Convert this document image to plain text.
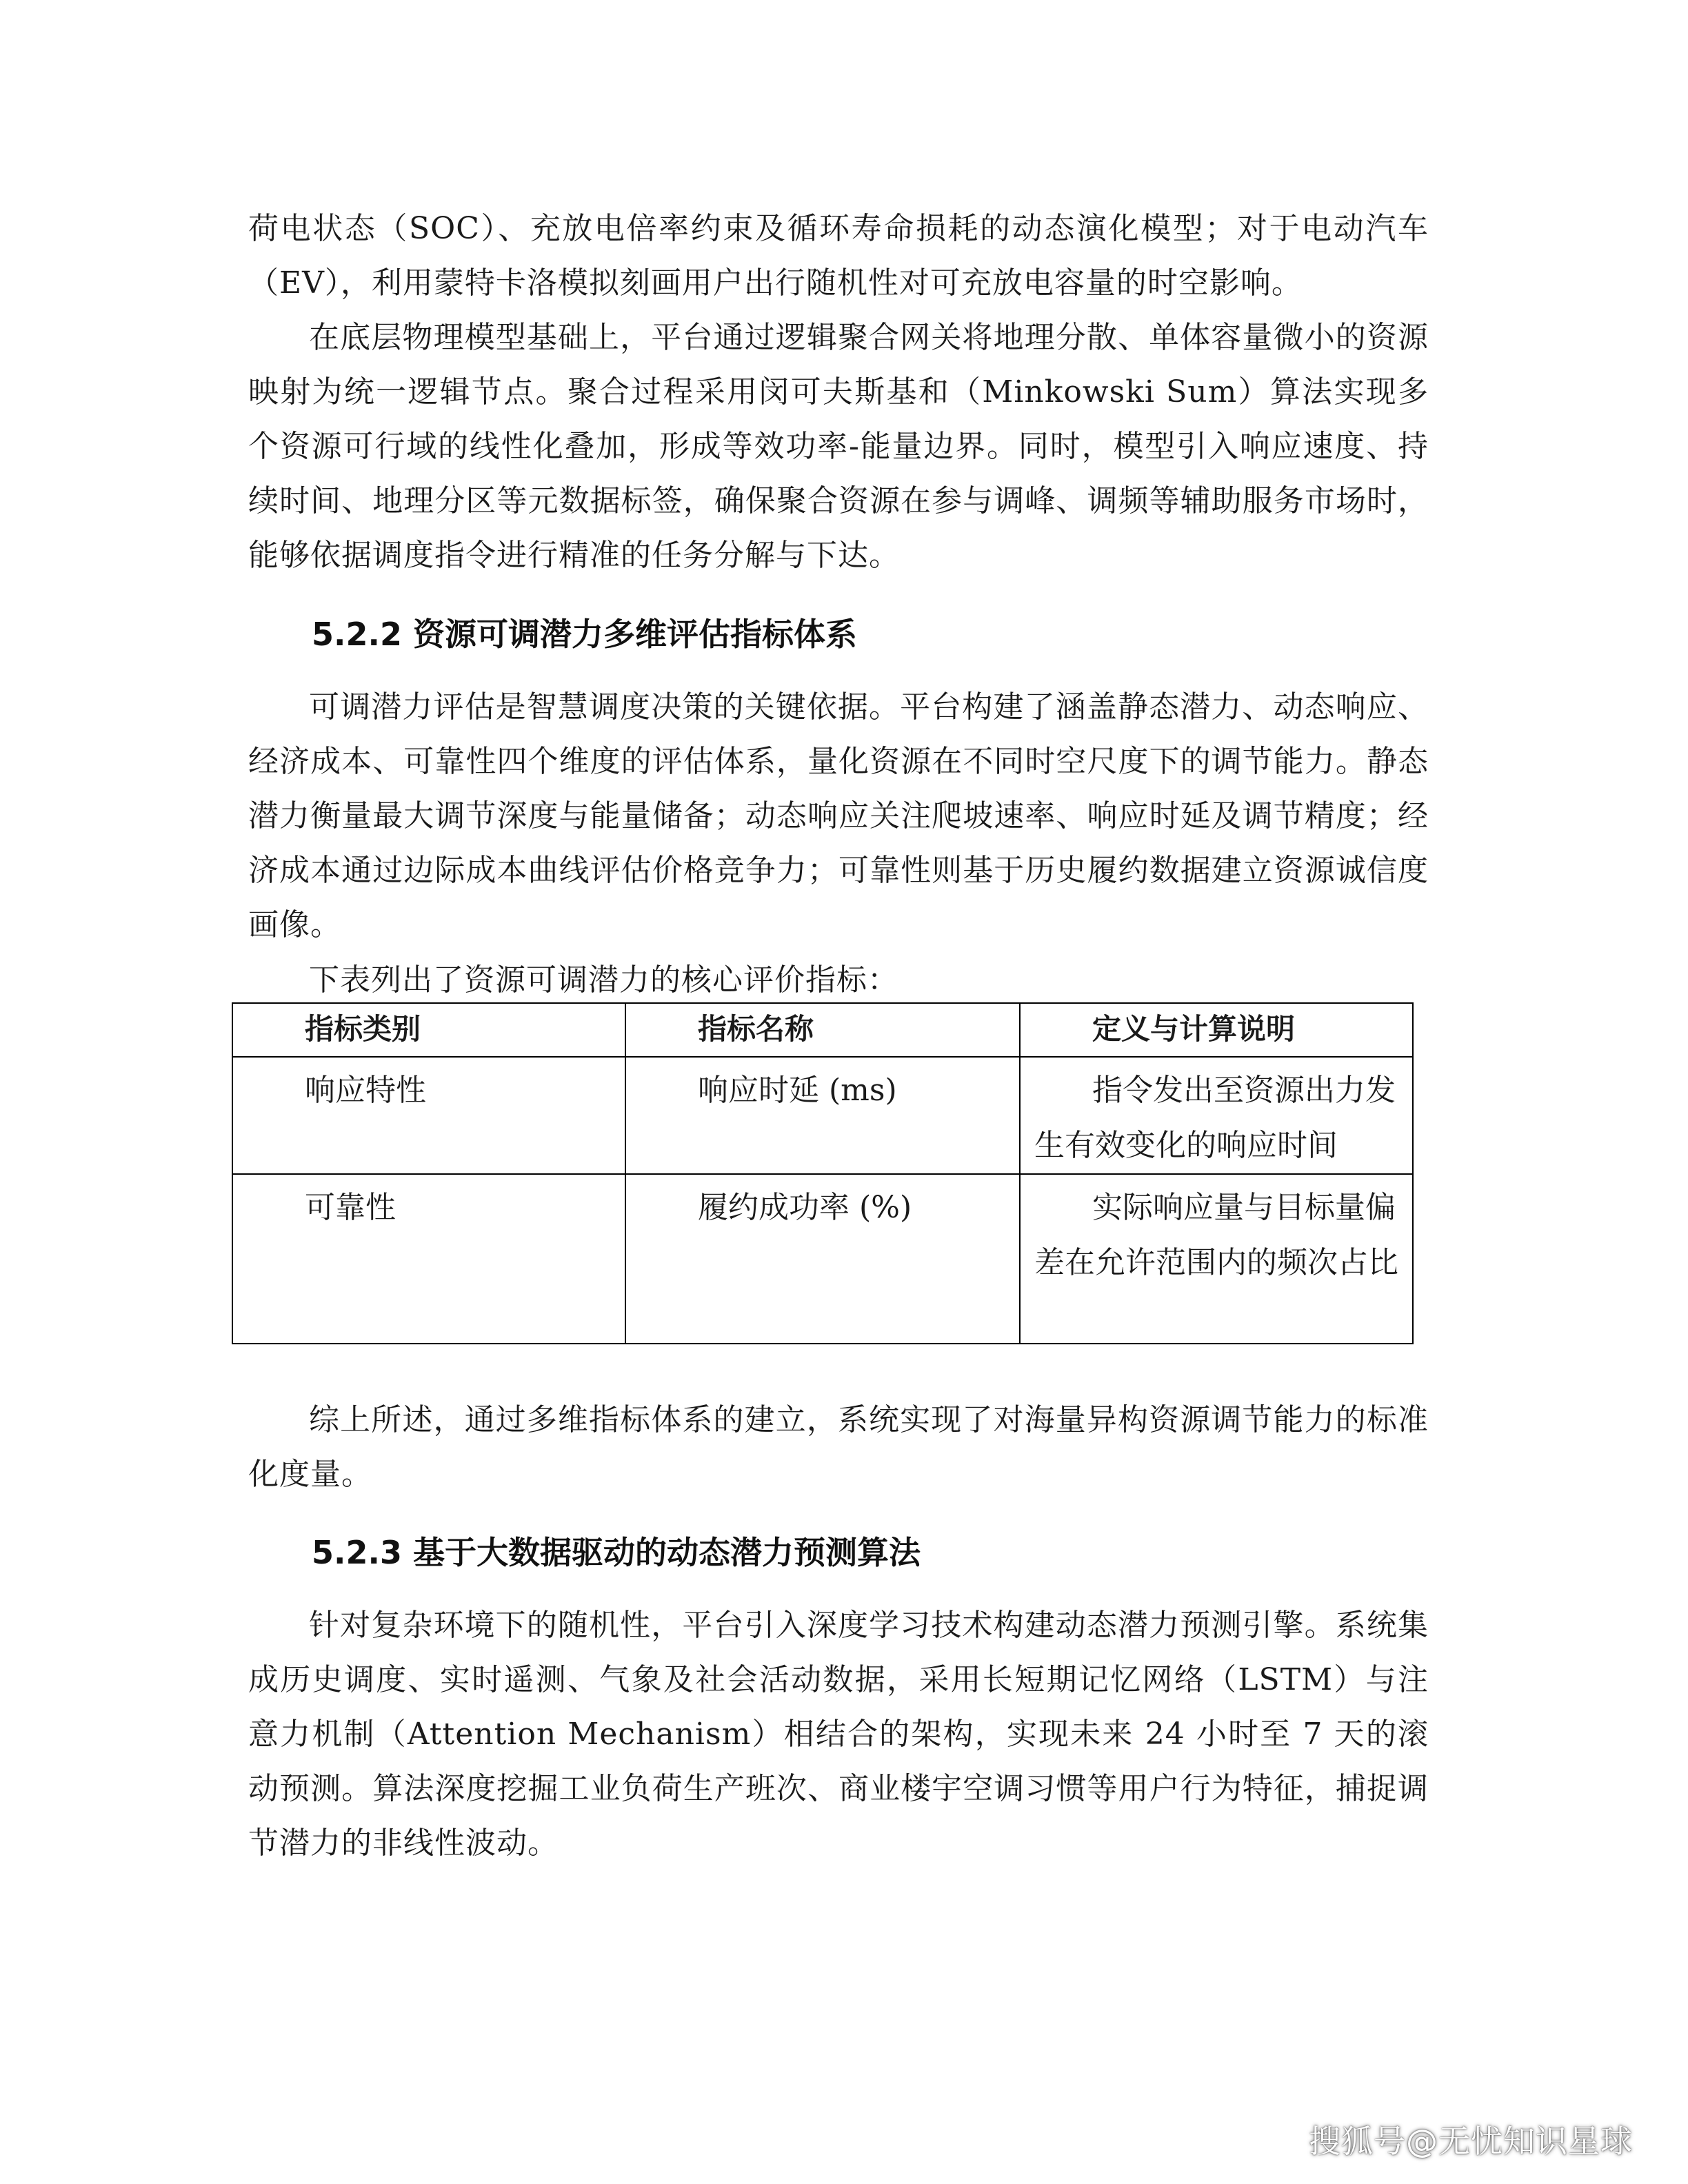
荷电状态（SOC）、充放电倍率约束及循环寿命损耗的动态演化模型；对于电动汽车（EV），利用蒙特卡洛模拟刻画用户出行随机性对可充放电容量的时空影响。

在底层物理模型基础上，平台通过逻辑聚合网关将地理分散、单体容量微小的资源映射为统一逻辑节点。聚合过程采用闵可夫斯基和（Minkowski Sum）算法实现多个资源可行域的线性化叠加，形成等效功率-能量边界。同时，模型引入响应速度、持续时间、地理分区等元数据标签，确保聚合资源在参与调峰、调频等辅助服务市场时，能够依据调度指令进行精准的任务分解与下达。

5.2.2 资源可调潜力多维评估指标体系

可调潜力评估是智慧调度决策的关键依据。平台构建了涵盖静态潜力、动态响应、经济成本、可靠性四个维度的评估体系，量化资源在不同时空尺度下的调节能力。静态潜力衡量最大调节深度与能量储备；动态响应关注爬坡速率、响应时延及调节精度；经济成本通过边际成本曲线评估价格竞争力；可靠性则基于历史履约数据建立资源诚信度画像。

下表列出了资源可调潜力的核心评价指标：

指标类别	指标名称	定义与计算说明
响应特性	响应时延 (ms)	指令发出至资源出力发生有效变化的响应时间
可靠性	履约成功率 (%)	实际响应量与目标量偏差在允许范围内的频次占比

综上所述，通过多维指标体系的建立，系统实现了对海量异构资源调节能力的标准化度量。

5.2.3 基于大数据驱动的动态潜力预测算法

针对复杂环境下的随机性，平台引入深度学习技术构建动态潜力预测引擎。系统集成历史调度、实时遥测、气象及社会活动数据，采用长短期记忆网络（LSTM）与注意力机制（Attention Mechanism）相结合的架构，实现未来 24 小时至 7 天的滚动预测。算法深度挖掘工业负荷生产班次、商业楼宇空调习惯等用户行为特征，捕捉调节潜力的非线性波动。

搜狐号@无忧知识星球
